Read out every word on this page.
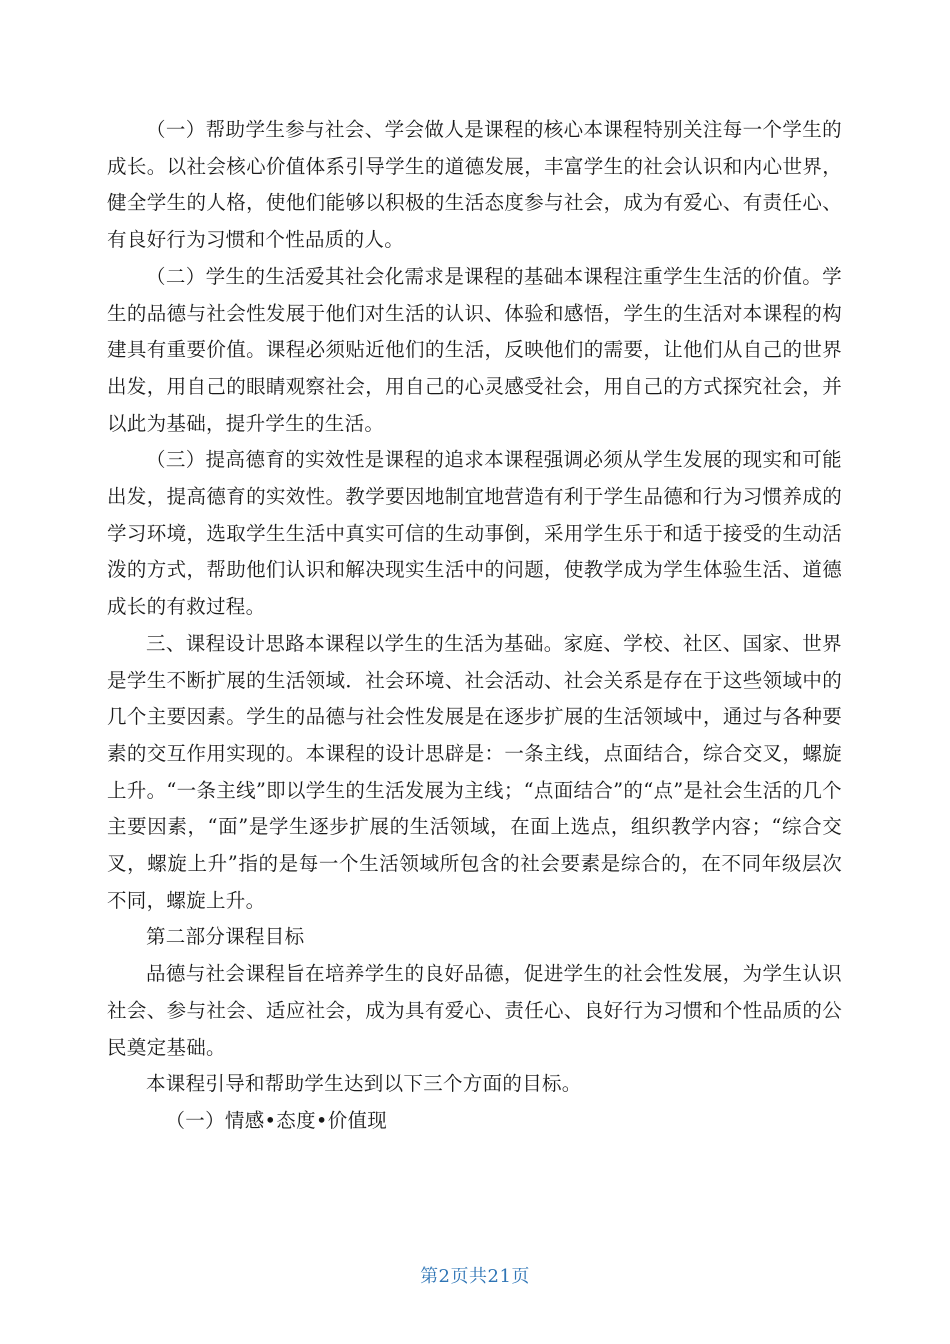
（一）帮助学生参与社会、学会做人是课程的核心本课程特别关注每一个学生的成长。以社会核心价值体系引导学生的道德发展，丰富学生的社会认识和内心世界，健全学生的人格，使他们能够以积极的生活态度参与社会，成为有爱心、有责任心、有良好行为习惯和个性品质的人。

（二）学生的生活爱其社会化需求是课程的基础本课程注重学生生活的价值。学生的品德与社会性发展于他们对生活的认识、体验和感悟，学生的生活对本课程的构建具有重要价值。课程必须贴近他们的生活，反映他们的需要，让他们从自己的世界出发，用自己的眼睛观察社会，用自己的心灵感受社会，用自己的方式探究社会，并以此为基础，提升学生的生活。

（三）提高德育的实效性是课程的追求本课程强调必须从学生发展的现实和可能出发，提高德育的实效性。教学要因地制宜地营造有利于学生品德和行为习惯养成的学习环境，选取学生生活中真实可信的生动事倒，采用学生乐于和适于接受的生动活泼的方式，帮助他们认识和解决现实生活中的问题，使教学成为学生体验生活、道德成长的有救过程。

三、课程设计思路本课程以学生的生活为基础。家庭、学校、社区、国家、世界是学生不断扩展的生活领域．社会环境、社会活动、社会关系是存在于这些领域中的几个主要因素。学生的品德与社会性发展是在逐步扩展的生活领域中，通过与各种要素的交互作用实现的。本课程的设计思辟是：一条主线，点面结合，综合交叉，螺旋上升。“一条主线”即以学生的生活发展为主线；“点面结合”的“点”是社会生活的几个主要因素，“面”是学生逐步扩展的生活领域，在面上选点，组织教学内容；“综合交叉，螺旋上升”指的是每一个生活领域所包含的社会要素是综合的，在不同年级层次不同，螺旋上升。

第二部分课程目标

品德与社会课程旨在培养学生的良好品德，促进学生的社会性发展，为学生认识社会、参与社会、适应社会，成为具有爱心、责任心、良好行为习惯和个性品质的公民奠定基础。

本课程引导和帮助学生达到以下三个方面的目标。

（一）情感•态度•价值现

第2页共21页
